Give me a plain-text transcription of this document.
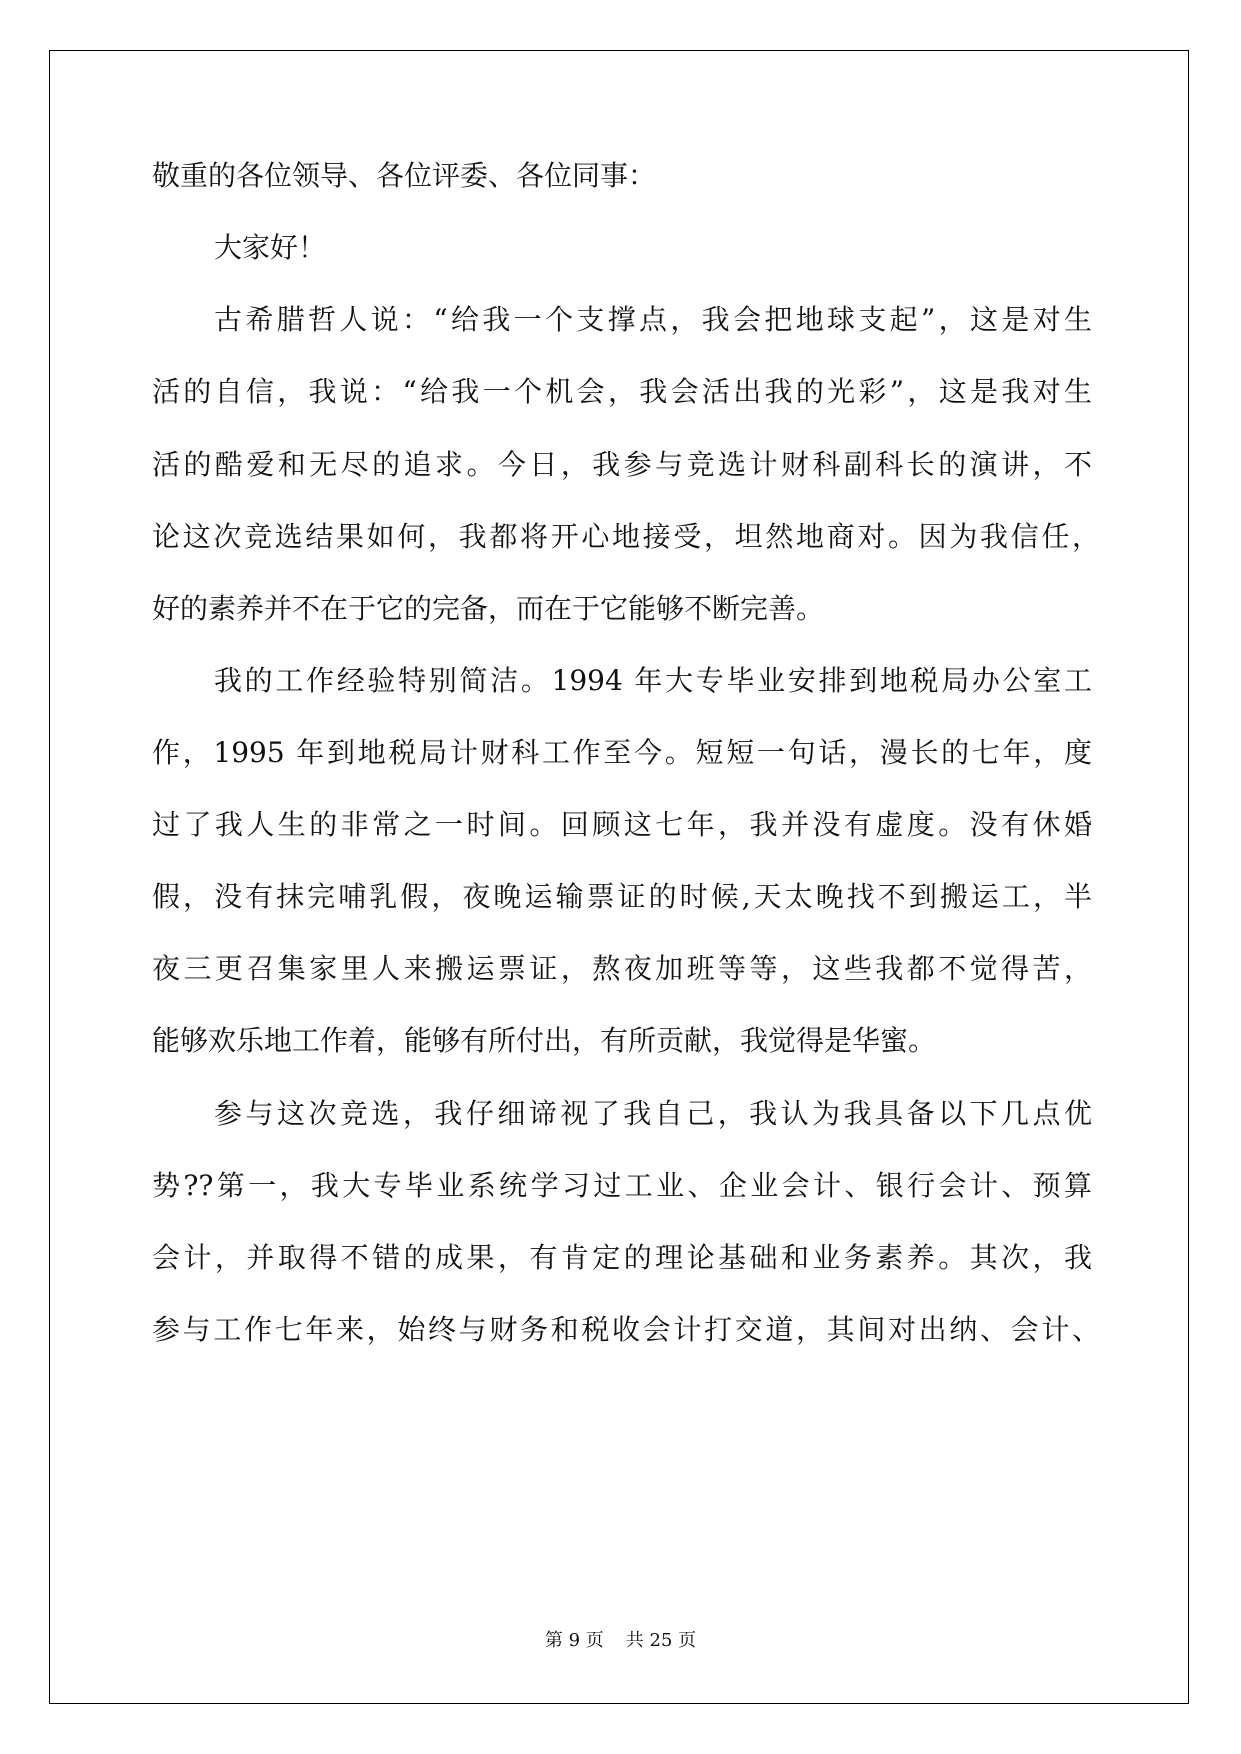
敬重的各位领导、各位评委、各位同事：

大家好！

古希腊哲人说：“给我一个支撑点，我会把地球支起”，这是对生

活的自信，我说：“给我一个机会，我会活出我的光彩”，这是我对生

活的酷爱和无尽的追求。今日，我参与竞选计财科副科长的演讲，不

论这次竞选结果如何，我都将开心地接受，坦然地商对。因为我信任，

好的素养并不在于它的完备，而在于它能够不断完善。

我的工作经验特别简洁。1994 年大专毕业安排到地税局办公室工

作，1995 年到地税局计财科工作至今。短短一句话，漫长的七年，度

过了我人生的非常之一时间。回顾这七年，我并没有虚度。没有休婚

假，没有抹完哺乳假，夜晚运输票证的时候,天太晚找不到搬运工，半

夜三更召集家里人来搬运票证，熬夜加班等等，这些我都不觉得苦，

能够欢乐地工作着，能够有所付出，有所贡献，我觉得是华蜜。

参与这次竞选，我仔细谛视了我自己，我认为我具备以下几点优

势??第一，我大专毕业系统学习过工业、企业会计、银行会计、预算

会计，并取得不错的成果，有肯定的理论基础和业务素养。其次，我

参与工作七年来，始终与财务和税收会计打交道，其间对出纳、会计、

第 9 页 共 25 页
